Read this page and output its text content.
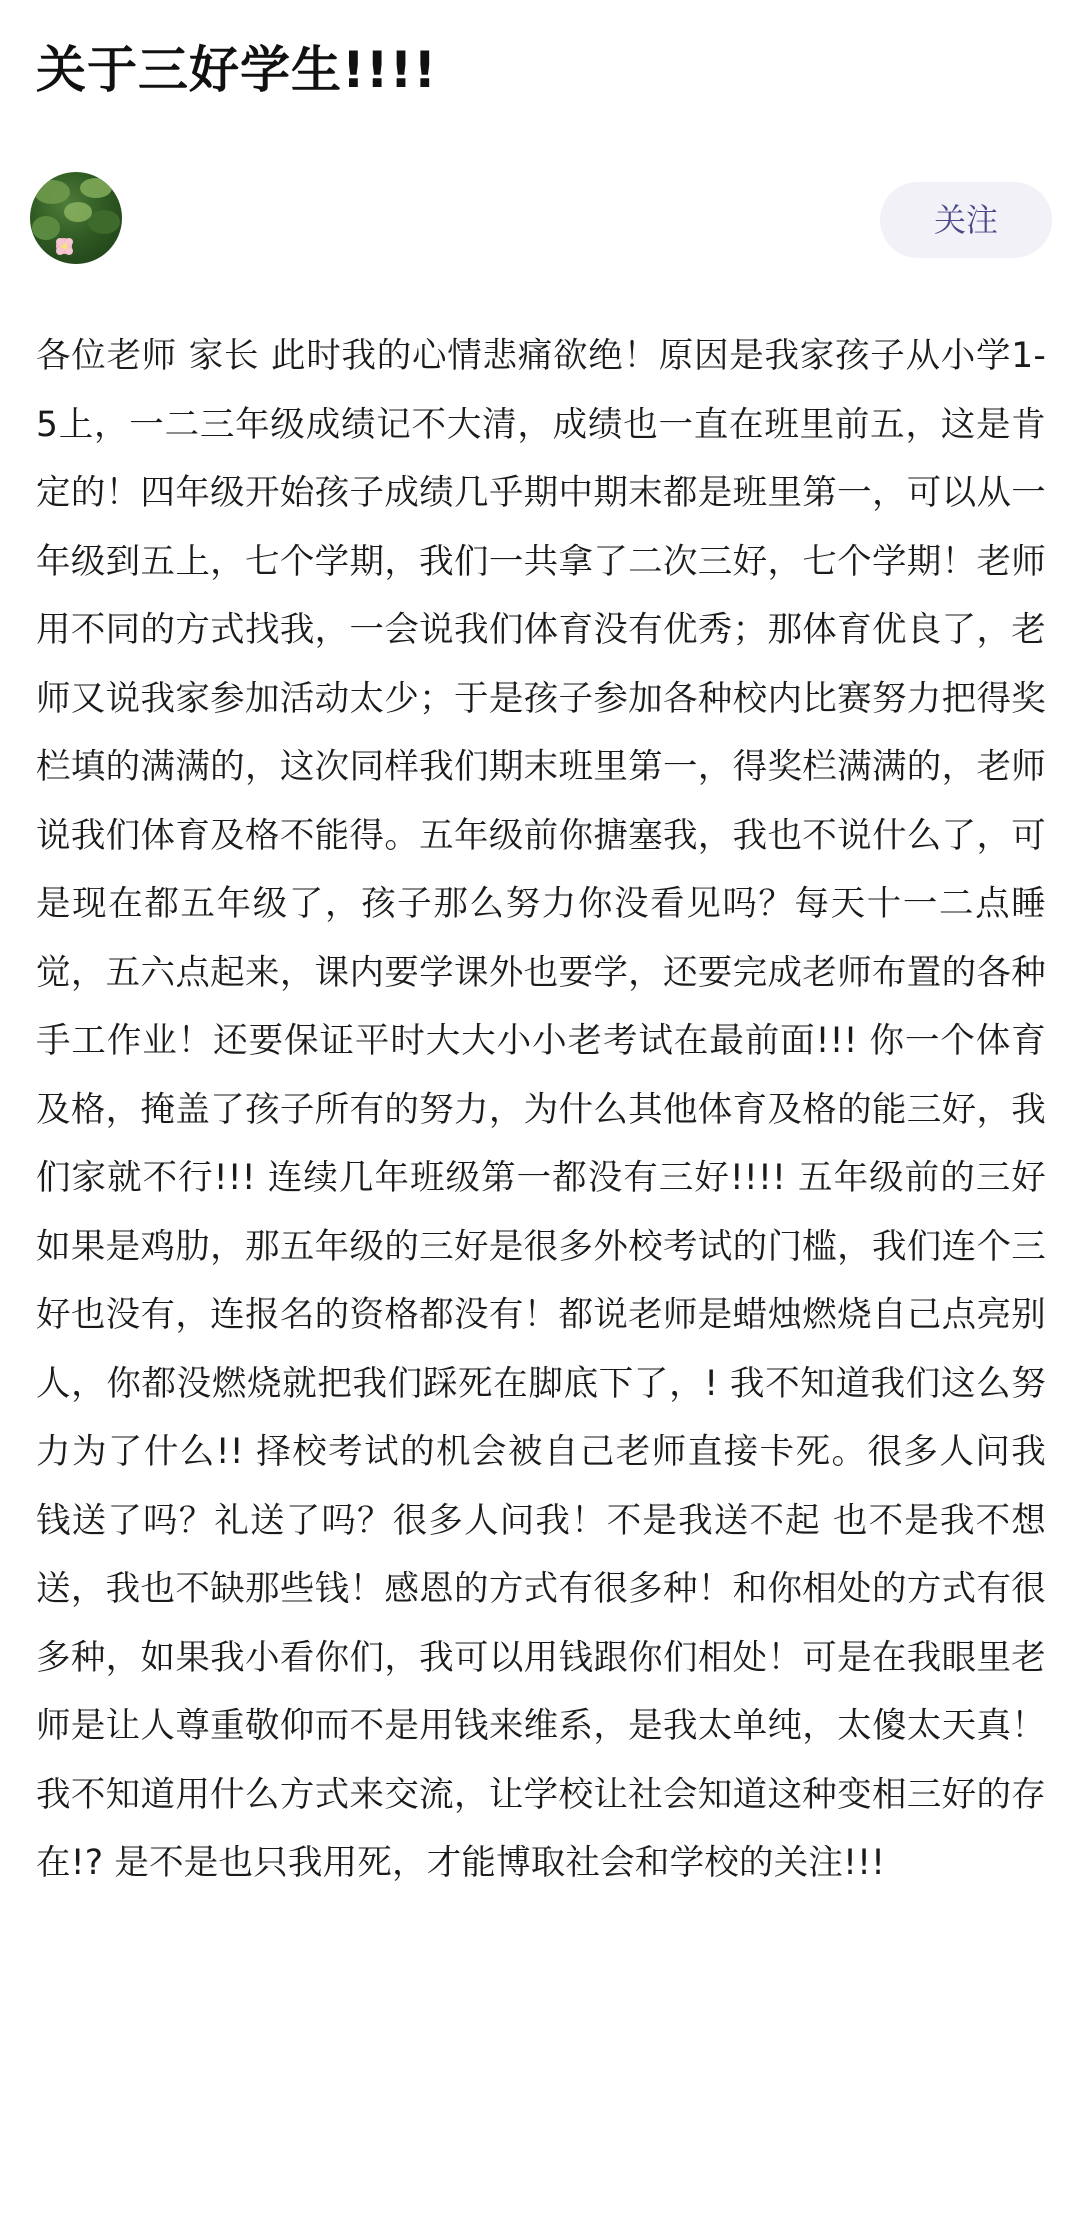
关于三好学生!!!!
关注
各位老师 家长 此时我的心情悲痛欲绝！原因是我家孩子从小学1-5上，一二三年级成绩记不大清，成绩也一直在班里前五，这是肯定的！四年级开始孩子成绩几乎期中期末都是班里第一，可以从一年级到五上，七个学期，我们一共拿了二次三好，七个学期！老师用不同的方式找我，一会说我们体育没有优秀；那体育优良了，老师又说我家参加活动太少；于是孩子参加各种校内比赛努力把得奖栏填的满满的，这次同样我们期末班里第一，得奖栏满满的，老师说我们体育及格不能得。五年级前你搪塞我，我也不说什么了，可是现在都五年级了，孩子那么努力你没看见吗？每天十一二点睡觉，五六点起来，课内要学课外也要学，还要完成老师布置的各种手工作业！还要保证平时大大小小老考试在最前面!!! 你一个体育及格，掩盖了孩子所有的努力，为什么其他体育及格的能三好，我们家就不行!!! 连续几年班级第一都没有三好!!!! 五年级前的三好如果是鸡肋，那五年级的三好是很多外校考试的门槛，我们连个三好也没有，连报名的资格都没有！都说老师是蜡烛燃烧自己点亮别人，你都没燃烧就把我们踩死在脚底下了，! 我不知道我们这么努力为了什么!! 择校考试的机会被自己老师直接卡死。很多人问我钱送了吗？礼送了吗？很多人问我！不是我送不起 也不是我不想送，我也不缺那些钱！感恩的方式有很多种！和你相处的方式有很多种，如果我小看你们，我可以用钱跟你们相处！可是在我眼里老师是让人尊重敬仰而不是用钱来维系，是我太单纯，太傻太天真！我不知道用什么方式来交流，让学校让社会知道这种变相三好的存在!? 是不是也只我用死，才能博取社会和学校的关注!!!
